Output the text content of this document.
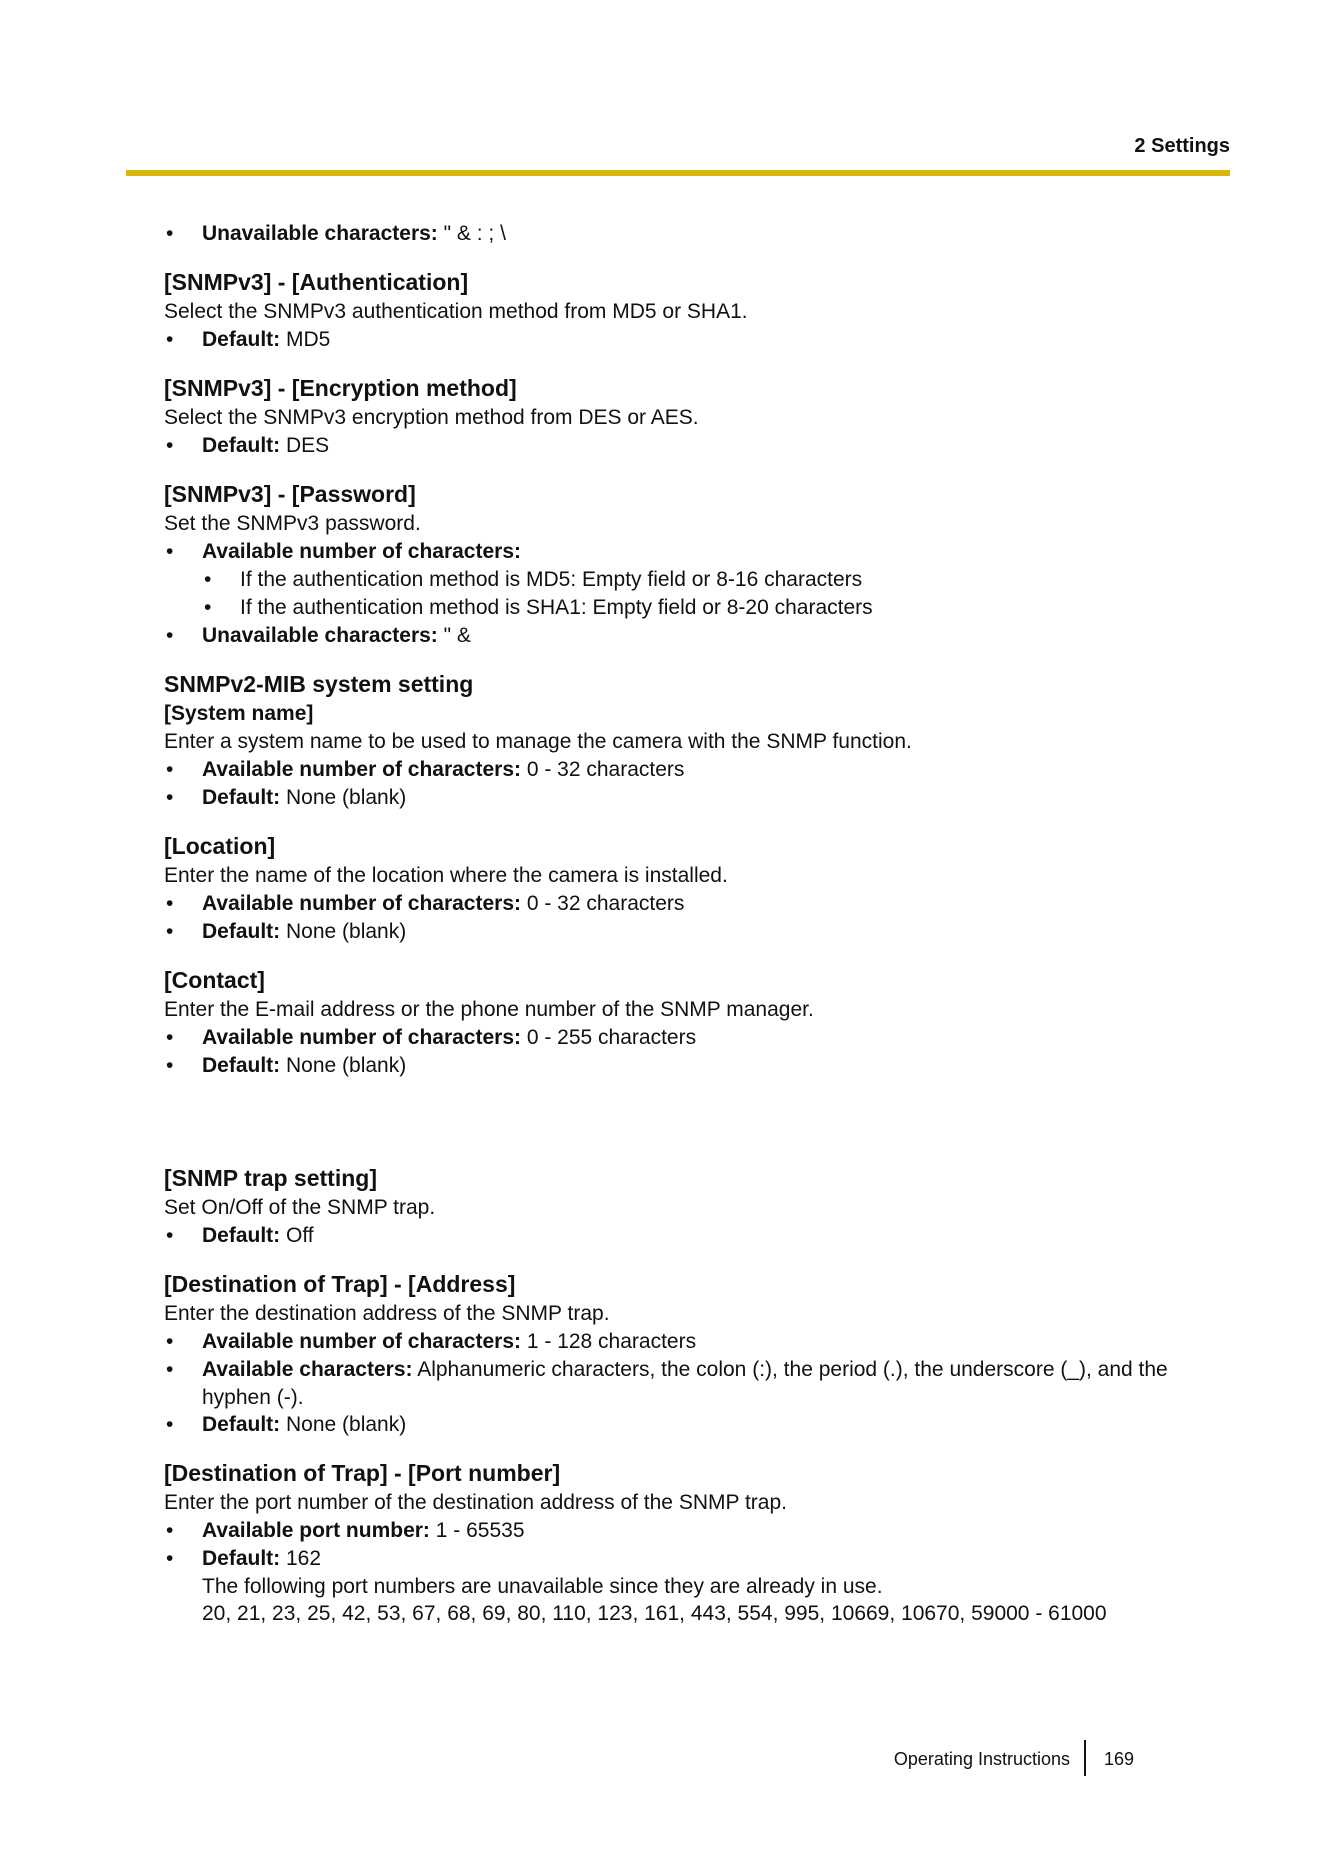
2 Settings
• Unavailable characters: " & : ; \
[SNMPv3] - [Authentication]
Select the SNMPv3 authentication method from MD5 or SHA1.
• Default: MD5
[SNMPv3] - [Encryption method]
Select the SNMPv3 encryption method from DES or AES.
• Default: DES
[SNMPv3] - [Password]
Set the SNMPv3 password.
• Available number of characters:
• If the authentication method is MD5: Empty field or 8-16 characters
• If the authentication method is SHA1: Empty field or 8-20 characters
• Unavailable characters: " &
SNMPv2-MIB system setting
[System name]
Enter a system name to be used to manage the camera with the SNMP function.
• Available number of characters: 0 - 32 characters
• Default: None (blank)
[Location]
Enter the name of the location where the camera is installed.
• Available number of characters: 0 - 32 characters
• Default: None (blank)
[Contact]
Enter the E-mail address or the phone number of the SNMP manager.
• Available number of characters: 0 - 255 characters
• Default: None (blank)
[SNMP trap setting]
Set On/Off of the SNMP trap.
• Default: Off
[Destination of Trap] - [Address]
Enter the destination address of the SNMP trap.
• Available number of characters: 1 - 128 characters
• Available characters: Alphanumeric characters, the colon (:), the period (.), the underscore (_), and the
hyphen (-).
• Default: None (blank)
[Destination of Trap] - [Port number]
Enter the port number of the destination address of the SNMP trap.
• Available port number: 1 - 65535
• Default: 162
The following port numbers are unavailable since they are already in use.
20, 21, 23, 25, 42, 53, 67, 68, 69, 80, 110, 123, 161, 443, 554, 995, 10669, 10670, 59000 - 61000
Operating Instructions 169
